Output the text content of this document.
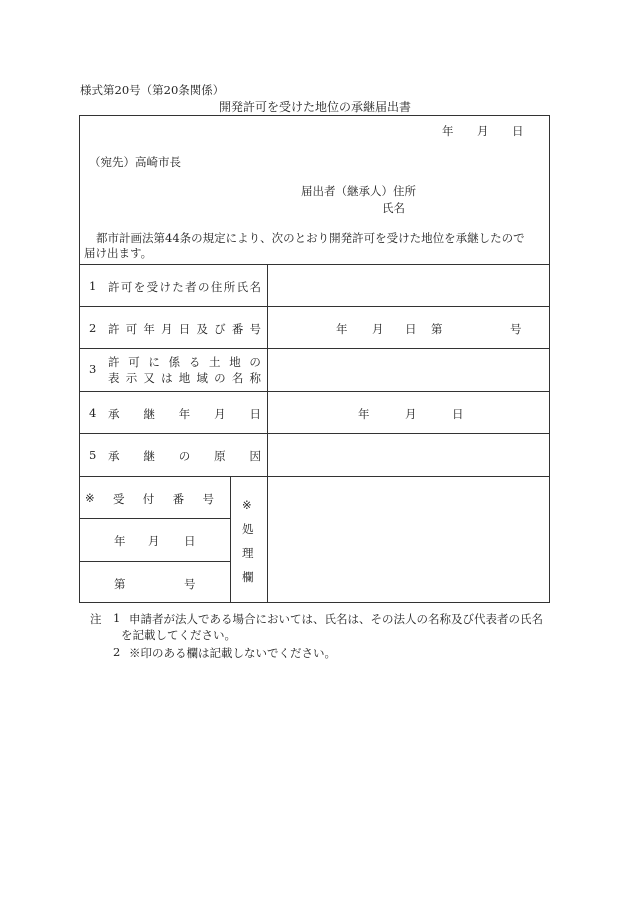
様式第20号（第20条関係）
開発許可を受けた地位の承継届出書
年 月 日
（宛先）高崎市長
届出者（継承人）住所
氏名
都市計画法第44条の規定により、次のとおり開発許可を受けた地位を承継したので
届け出ます。
1 許 可 を 受 け た 者 の 住 所 氏 名
2 許 可 年 月 日 及 び 番 号	年 月 日 第	号
3 許 可 に 係 る 土 地 の
表 示 又 は 地 域 の 名 称
4 承 継 年 月 日	年	月	日
5 承 継 の 原 因
※ 受 付 番 号
年 月 日
第	号
※
処
理
欄
注 1 申請者が法人である場合においては、氏名は、その法人の名称及び代表者の氏名
を記載してください。
2 ※印のある欄は記載しないでください。
